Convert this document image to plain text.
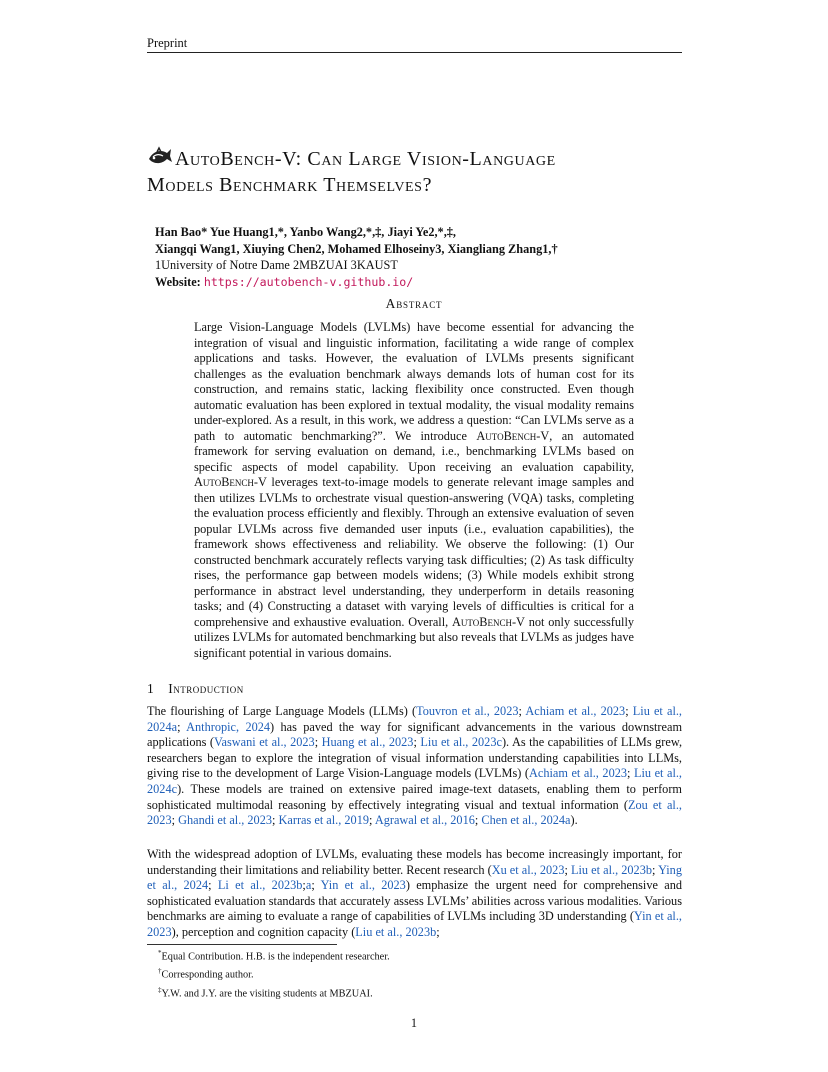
Preprint
AutoBench-V: Can Large Vision-Language
Models Benchmark Themselves?
Han Bao* Yue Huang1,*, Yanbo Wang2,*,‡, Jiayi Ye2,*,‡,
Xiangqi Wang1, Xiuying Chen2, Mohamed Elhoseiny3, Xiangliang Zhang1,†
1University of Notre Dame 2MBZUAI 3KAUST
Website: https://autobench-v.github.io/
Abstract

Large Vision-Language Models (LVLMs) have become essential for advancing the integration of visual and linguistic information, facilitating a wide range of complex applications and tasks. However, the evaluation of LVLMs presents significant challenges as the evaluation benchmark always demands lots of human cost for its construction, and remains static, lacking flexibility once constructed. Even though automatic evaluation has been explored in textual modality, the visual modality remains under-explored. As a result, in this work, we address a question: “Can LVLMs serve as a path to automatic benchmarking?”. We introduce AutoBench-V, an automated framework for serving evaluation on demand, i.e., benchmarking LVLMs based on specific aspects of model capability. Upon receiving an evaluation capability, AutoBench-V leverages text-to-image models to generate relevant image samples and then utilizes LVLMs to orchestrate visual question-answering (VQA) tasks, completing the evaluation process efficiently and flexibly. Through an extensive evaluation of seven popular LVLMs across five demanded user inputs (i.e., evaluation capabilities), the framework shows effectiveness and reliability. We observe the following: (1) Our constructed benchmark accurately reflects varying task difficulties; (2) As task difficulty rises, the performance gap between models widens; (3) While models exhibit strong performance in abstract level understanding, they underperform in details reasoning tasks; and (4) Constructing a dataset with varying levels of difficulties is critical for a comprehensive and exhaustive evaluation. Overall, AutoBench-V not only successfully utilizes LVLMs for automated benchmarking but also reveals that LVLMs as judges have significant potential in various domains.

1 Introduction

The flourishing of Large Language Models (LLMs) (Touvron et al., 2023; Achiam et al., 2023; Liu et al., 2024a; Anthropic, 2024) has paved the way for significant advancements in the various downstream applications (Vaswani et al., 2023; Huang et al., 2023; Liu et al., 2023c). As the capabilities of LLMs grew, researchers began to explore the integration of visual information understanding capabilities into LLMs, giving rise to the development of Large Vision-Language models (LVLMs) (Achiam et al., 2023; Liu et al., 2024c). These models are trained on extensive paired image-text datasets, enabling them to perform sophisticated multimodal reasoning by effectively integrating visual and textual information (Zou et al., 2023; Ghandi et al., 2023; Karras et al., 2019; Agrawal et al., 2016; Chen et al., 2024a).

With the widespread adoption of LVLMs, evaluating these models has become increasingly important, for understanding their limitations and reliability better. Recent research (Xu et al., 2023; Liu et al., 2023b; Ying et al., 2024; Li et al., 2023b;a; Yin et al., 2023) emphasize the urgent need for comprehensive and sophisticated evaluation standards that accurately assess LVLMs’ abilities across various modalities. Various benchmarks are aiming to evaluate a range of capabilities of LVLMs including 3D understanding (Yin et al., 2023), perception and cognition capacity (Liu et al., 2023b;

*Equal Contribution. H.B. is the independent researcher.
†Corresponding author.
‡Y.W. and J.Y. are the visiting students at MBZUAI.
1
